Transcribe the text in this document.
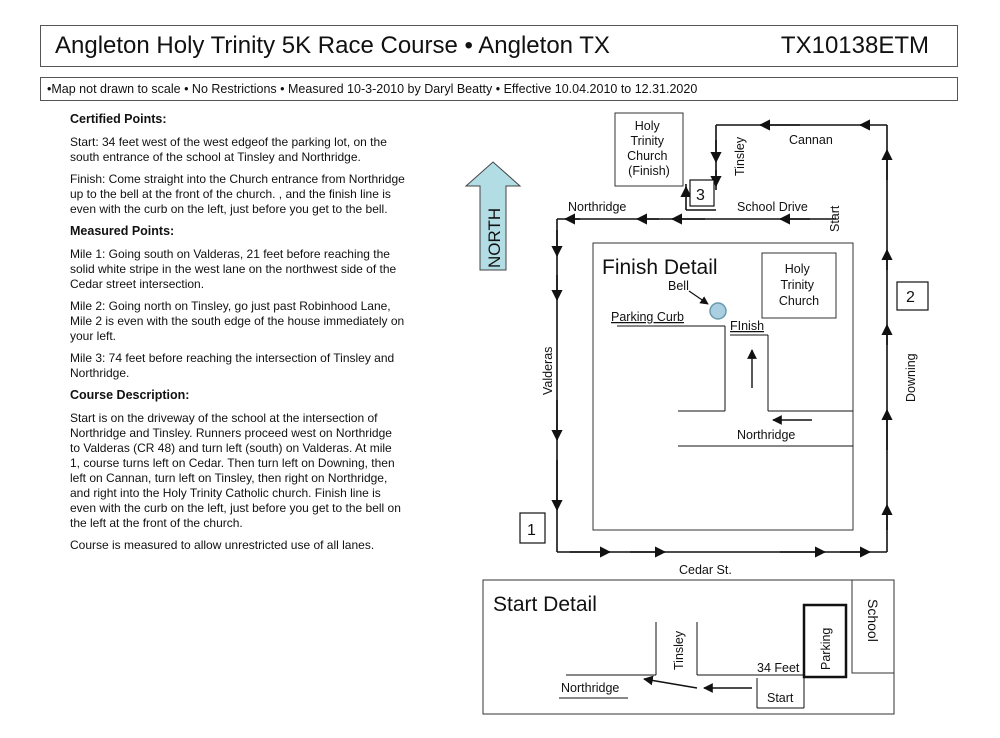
Angleton Holy Trinity 5K Race Course • Angleton TX	TX10138ETM
•Map not drawn to scale • No Restrictions • Measured 10-3-2010 by Daryl Beatty • Effective 10.04.2010 to 12.31.2020
Certified Points:

Start: 34 feet west of the west edgeof the parking lot, on the south entrance of the school at Tinsley and Northridge.

Finish: Come straight into the Church entrance from Northridge up to the bell at the front of the church. , and the finish line is even with the curb on the left, just before you get to the bell.

Measured Points:

Mile 1: Going south on Valderas, 21 feet before reaching the solid white stripe in the west lane on the northwest side of the Cedar street intersection.

Mile 2: Going north on Tinsley, go just past Robinhood Lane, Mile 2 is even with the south edge of the house immediately on your left.

Mile 3: 74 feet before reaching the intersection of Tinsley and Northridge.

Course Description:

Start is on the driveway of the school at the intersection of Northridge and Tinsley. Runners proceed west on Northridge to Valderas (CR 48) and turn left (south) on Valderas. At mile 1, course turns left on Cedar. Then turn left on Downing, then left on Cannan, turn left on Tinsley, then right on Northridge, and right into the Holy Trinity Catholic church. Finish line is even with the curb on the left, just before you get to the bell on the left at the front of the church.

Course is measured to allow unrestricted use of all lanes.

NORTH
Holy Trinity Church (Finish)
Cannan
Tinsley
Northridge	School Drive Start
Valderas	Downing
Cedar St.
1
2
3
Finish Detail	Holy Trinity Church
Bell
Parking Curb
FInish
Northridge
Start Detail	School
Parking
Tinsley	34 Feet
Start
Northridge
